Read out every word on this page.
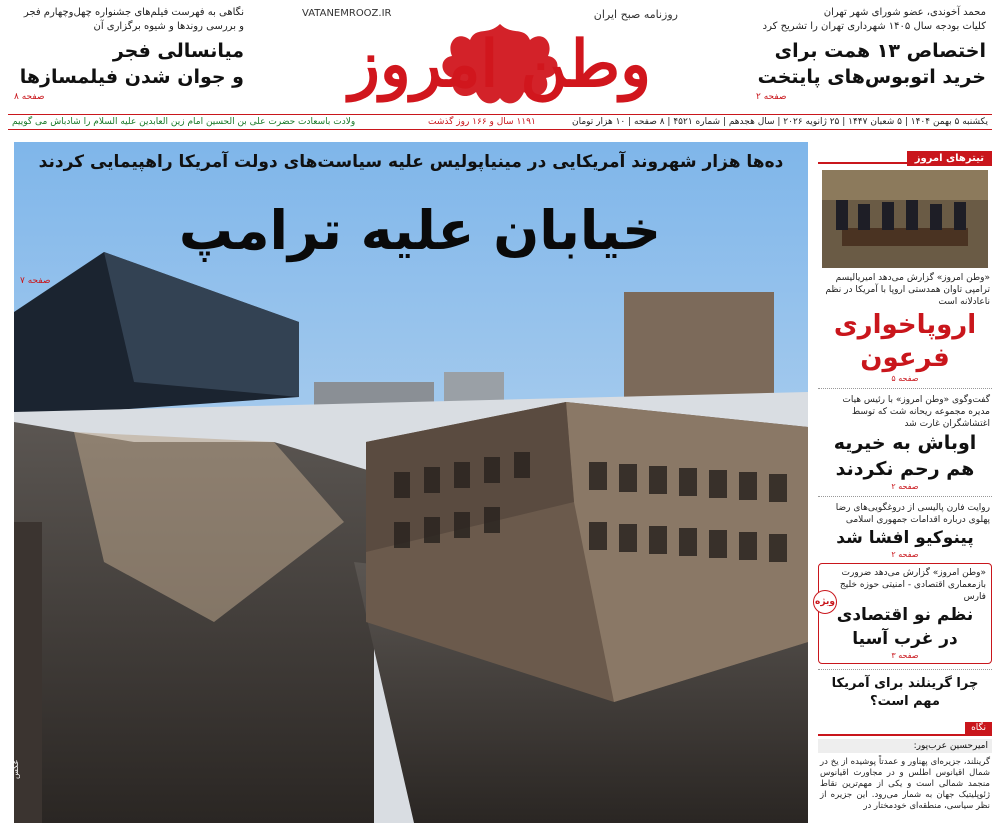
محمد آخوندی، عضو شورای شهر تهران
کلیات بودجه سال ۱۴۰۵ شهرداری تهران را تشریح کرد
اختصاص ۱۳ همت برای
خرید اتوبوس‌های پایتخت
صفحه ۲
وطن امروز
روزنامه صبح ایران
VATANEMROOZ.IR
نگاهی به فهرست فیلم‌های جشنواره چهل‌وچهارم فجر
و بررسی روندها و شیوه برگزاری آن
میانسالی فجر
و جوان شدن فیلمسازها
صفحه ۸
یکشنبه ۵ بهمن ۱۴۰۴ | ۵ شعبان ۱۴۴۷ | ۲۵ ژانویه ۲۰۲۶ | سال هجدهم | شماره ۴۵۲۱ | ۸ صفحه | ۱۰ هزار تومان
۱۱۹۱ سال و ۱۶۶ روز گذشت
ولادت باسعادت حضرت علی بن الحسین امام زین العابدین علیه السلام را شادباش می گوییم
ده‌ها هزار شهروند آمریکایی در مینیاپولیس علیه سیاست‌های دولت آمریکا راهپیمایی کردند
خیابان علیه ترامپ
صفحه ۷
Getty Images عکس
تیترهای امروز
«وطن امروز» گزارش می‌دهد امیریالیسم ترامپی تاوان همدستی اروپا با آمریکا در نظم ناعادلانه است
اروپاخواری
فرعون
صفحه ۵
گفت‌وگوی «وطن امروز» با رئیس هیات مدیره مجموعه ریحانه شت که توسط اغتشاشگران غارت شد
اوباش به خیریه
هم رحم نکردند
صفحه ۲
روایت فارن پالیسی از دروغگویی‌های رضا پهلوی درباره اقدامات جمهوری اسلامی
پینوکیو افشا شد
صفحه ۲
«وطن امروز» گزارش می‌دهد ضرورت بازمعماری اقتصادی - امنیتی حوزه خلیج فارس
نظم نو اقتصادی
در غرب آسیا
ویژه
صفحه ۳
چرا گرینلند برای آمریکا
مهم است؟
نگاه
امیرحسین عرب‌پور:
گرینلند، جزیره‌ای پهناور و عمدتاً پوشیده از یخ در شمال اقیانوس اطلس و در مجاورت اقیانوس منجمد شمالی است و یکی از مهم‌ترین نقاط ژئوپلیتیک جهان به شمار می‌رود. این جزیره از نظر سیاسی، منطقه‌ای خودمختار در
